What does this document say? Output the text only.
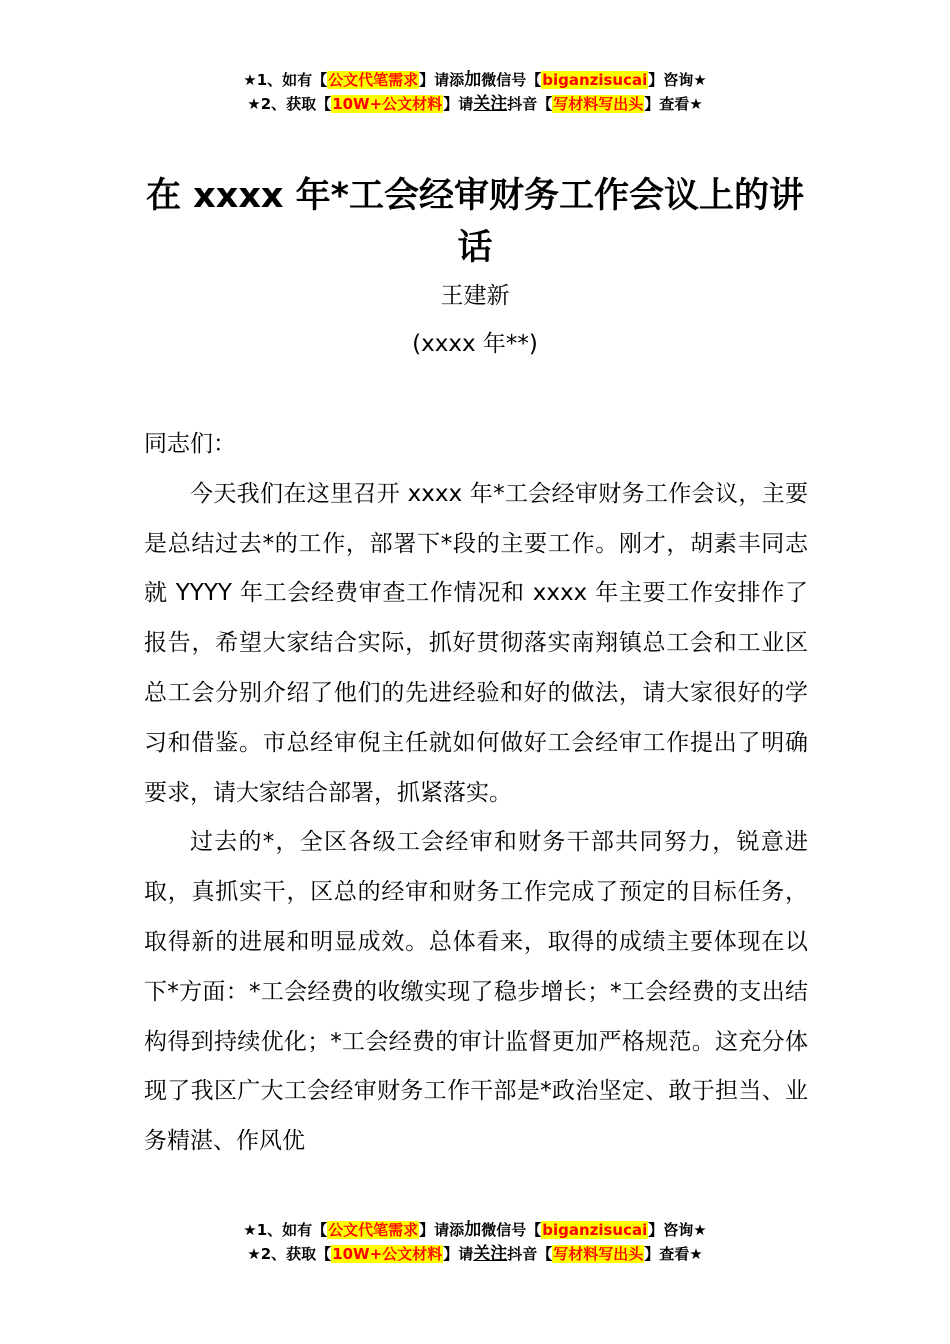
★1、如有【公文代笔需求】请添加微信号【biganzisucai】咨询★
★2、获取【10W+公文材料】请关注抖音【写材料写出头】查看★
在 xxxx 年*工会经审财务工作会议上的讲话
王建新
(xxxx 年**)

同志们：

今天我们在这里召开 xxxx 年*工会经审财务工作会议，主要是总结过去*的工作，部署下*段的主要工作。刚才，胡素丰同志就 YYYY 年工会经费审查工作情况和 xxxx 年主要工作安排作了报告，希望大家结合实际，抓好贯彻落实南翔镇总工会和工业区总工会分别介绍了他们的先进经验和好的做法，请大家很好的学习和借鉴。市总经审倪主任就如何做好工会经审工作提出了明确要求，请大家结合部署，抓紧落实。

过去的*，全区各级工会经审和财务干部共同努力，锐意进取，真抓实干，区总的经审和财务工作完成了预定的目标任务，取得新的进展和明显成效。总体看来，取得的成绩主要体现在以下*方面：*工会经费的收缴实现了稳步增长；*工会经费的支出结构得到持续优化；*工会经费的审计监督更加严格规范。这充分体现了我区广大工会经审财务工作干部是*政治坚定、敢于担当、业务精湛、作风优

★1、如有【公文代笔需求】请添加微信号【biganzisucai】咨询★
★2、获取【10W+公文材料】请关注抖音【写材料写出头】查看★
